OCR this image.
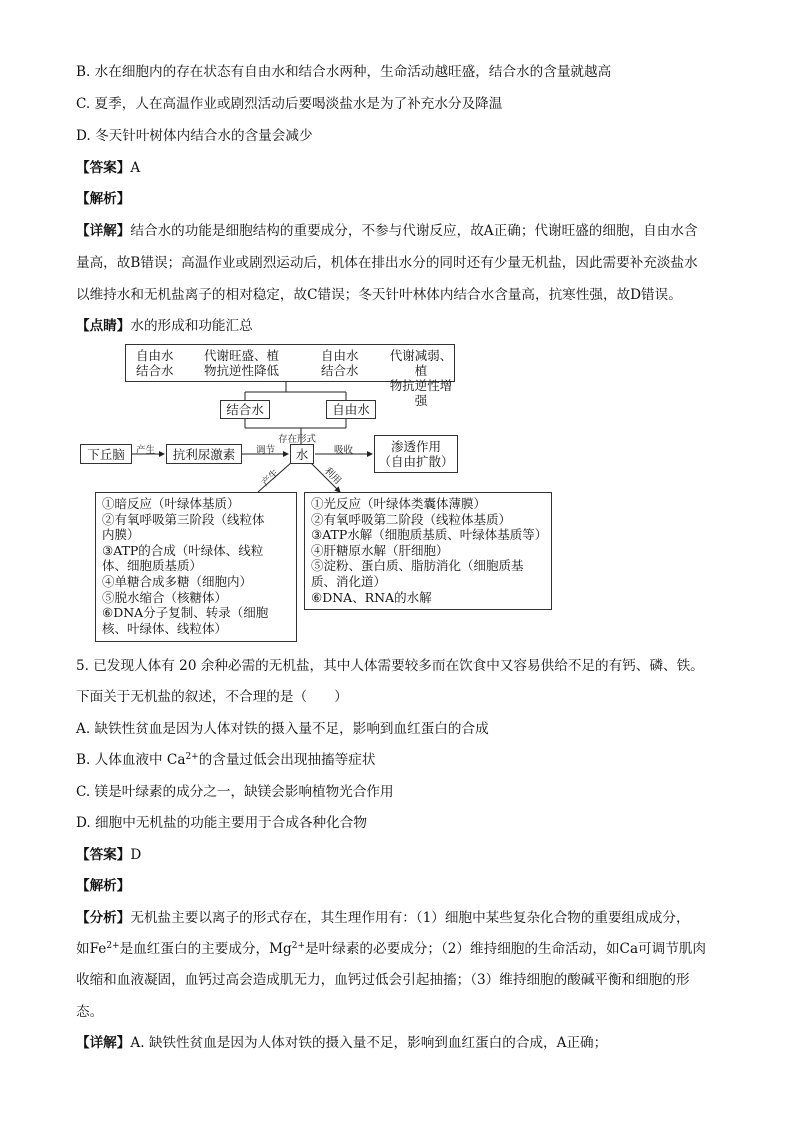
B. 水在细胞内的存在状态有自由水和结合水两种，生命活动越旺盛，结合水的含量就越高
C. 夏季，人在高温作业或剧烈活动后要喝淡盐水是为了补充水分及降温
D. 冬天针叶树体内结合水的含量会减少
【答案】A
【解析】
【详解】结合水的功能是细胞结构的重要成分，不参与代谢反应，故A正确；代谢旺盛的细胞，自由水含
量高，故B错误；高温作业或剧烈运动后，机体在排出水分的同时还有少量无机盐，因此需要补充淡盐水
以维持水和无机盐离子的相对稳定，故C错误；冬天针叶林体内结合水含量高，抗寒性强，故D错误。
【点睛】水的形成和功能汇总
自由水
结合水
代谢旺盛、植
物抗逆性降低
自由水
结合水
代谢减弱、植
物抗逆性增强
结合水	自由水
下丘脑	抗利尿激素	水	渗透作用
（自由扩散）
产生	调节
存在形式
吸收
产生	利用
①暗反应（叶绿体基质）
②有氧呼吸第三阶段（线粒体
内膜）
③ATP的合成（叶绿体、线粒
体、细胞质基质）
④单糖合成多糖（细胞内）
⑤脱水缩合（核糖体）
⑥DNA分子复制、转录（细胞
核、叶绿体、线粒体）
①光反应（叶绿体类囊体薄膜）
②有氧呼吸第二阶段（线粒体基质）
③ATP水解（细胞质基质、叶绿体基质等）
④肝糖原水解（肝细胞）
⑤淀粉、蛋白质、脂肪消化（细胞质基
质、消化道）
⑥DNA、RNA的水解
5. 已发现人体有 20 余种必需的无机盐，其中人体需要较多而在饮食中又容易供给不足的有钙、磷、铁。
下面关于无机盐的叙述，不合理的是（　　）
A. 缺铁性贫血是因为人体对铁的摄入量不足，影响到血红蛋白的合成
B. 人体血液中 $Ca^{2+}$的含量过低会出现抽搐等症状
C. 镁是叶绿素的成分之一，缺镁会影响植物光合作用
D. 细胞中无机盐的功能主要用于合成各种化合物
【答案】D
【解析】
【分析】无机盐主要以离子的形式存在，其生理作用有：（1）细胞中某些复杂化合物的重要组成成分，
如$Fe^{2+}$是血红蛋白的主要成分，$Mg^{2+}$是叶绿素的必要成分；（2）维持细胞的生命活动，如Ca可调节肌肉
收缩和血液凝固，血钙过高会造成肌无力，血钙过低会引起抽搐；（3）维持细胞的酸碱平衡和细胞的形
态。
【详解】A. 缺铁性贫血是因为人体对铁的摄入量不足，影响到血红蛋白的合成，A正确；
